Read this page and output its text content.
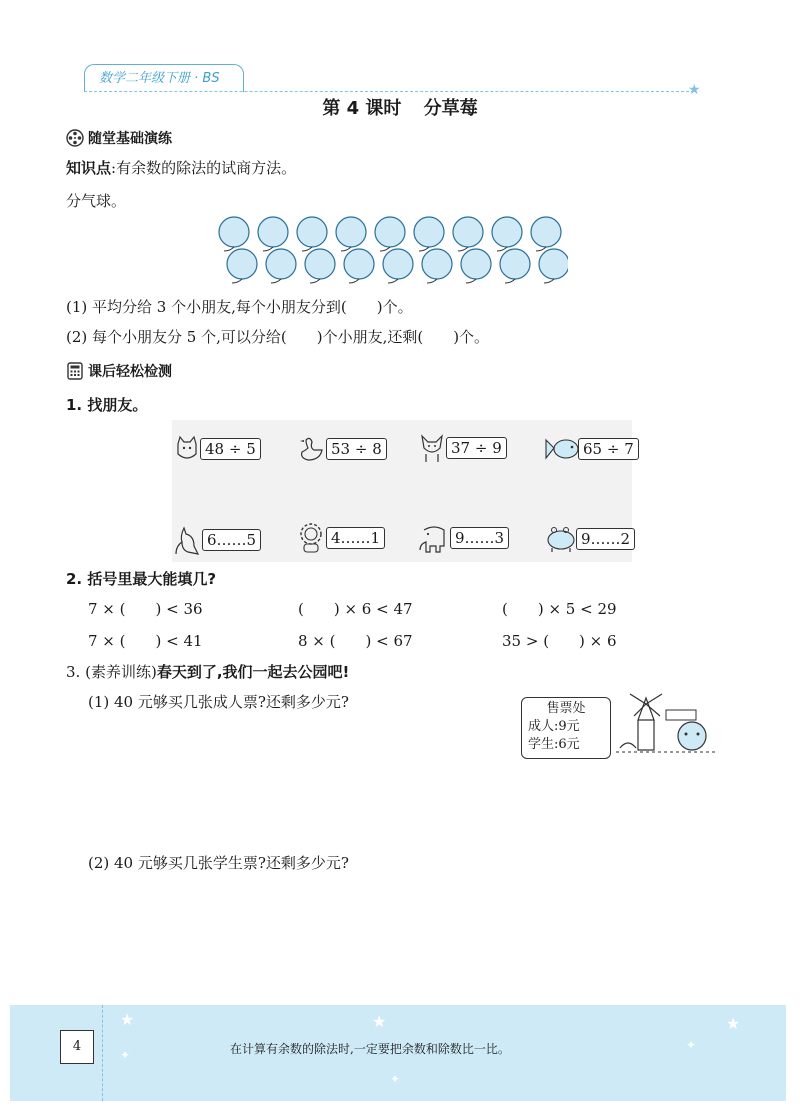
数学二年级下册 · BS
★
第 4 课时 分草莓
随堂基础演练
知识点:有余数的除法的试商方法。
分气球。
(1) 平均分给 3 个小朋友,每个小朋友分到(　　)个。
(2) 每个小朋友分 5 个,可以分给(　　)个小朋友,还剩(　　)个。
课后轻松检测
1. 找朋友。
48 ÷ 5	53 ÷ 8	37 ÷ 9	65 ÷ 7
6……5	4……1	9……3	9……2
2. 括号里最大能填几?
7 × (　　) < 36	(　　) × 6 < 47	(　　) × 5 < 29
7 × (　　) < 41	8 × (　　) < 67	35 > (　　) × 6
3. (素养训练)春天到了,我们一起去公园吧!
(1) 40 元够买几张成人票?还剩多少元?
(2) 40 元够买几张学生票?还剩多少元?
售票处
成人:9元
学生:6元
★	★	★
✦
✦
✦
4	在计算有余数的除法时,一定要把余数和除数比一比。
